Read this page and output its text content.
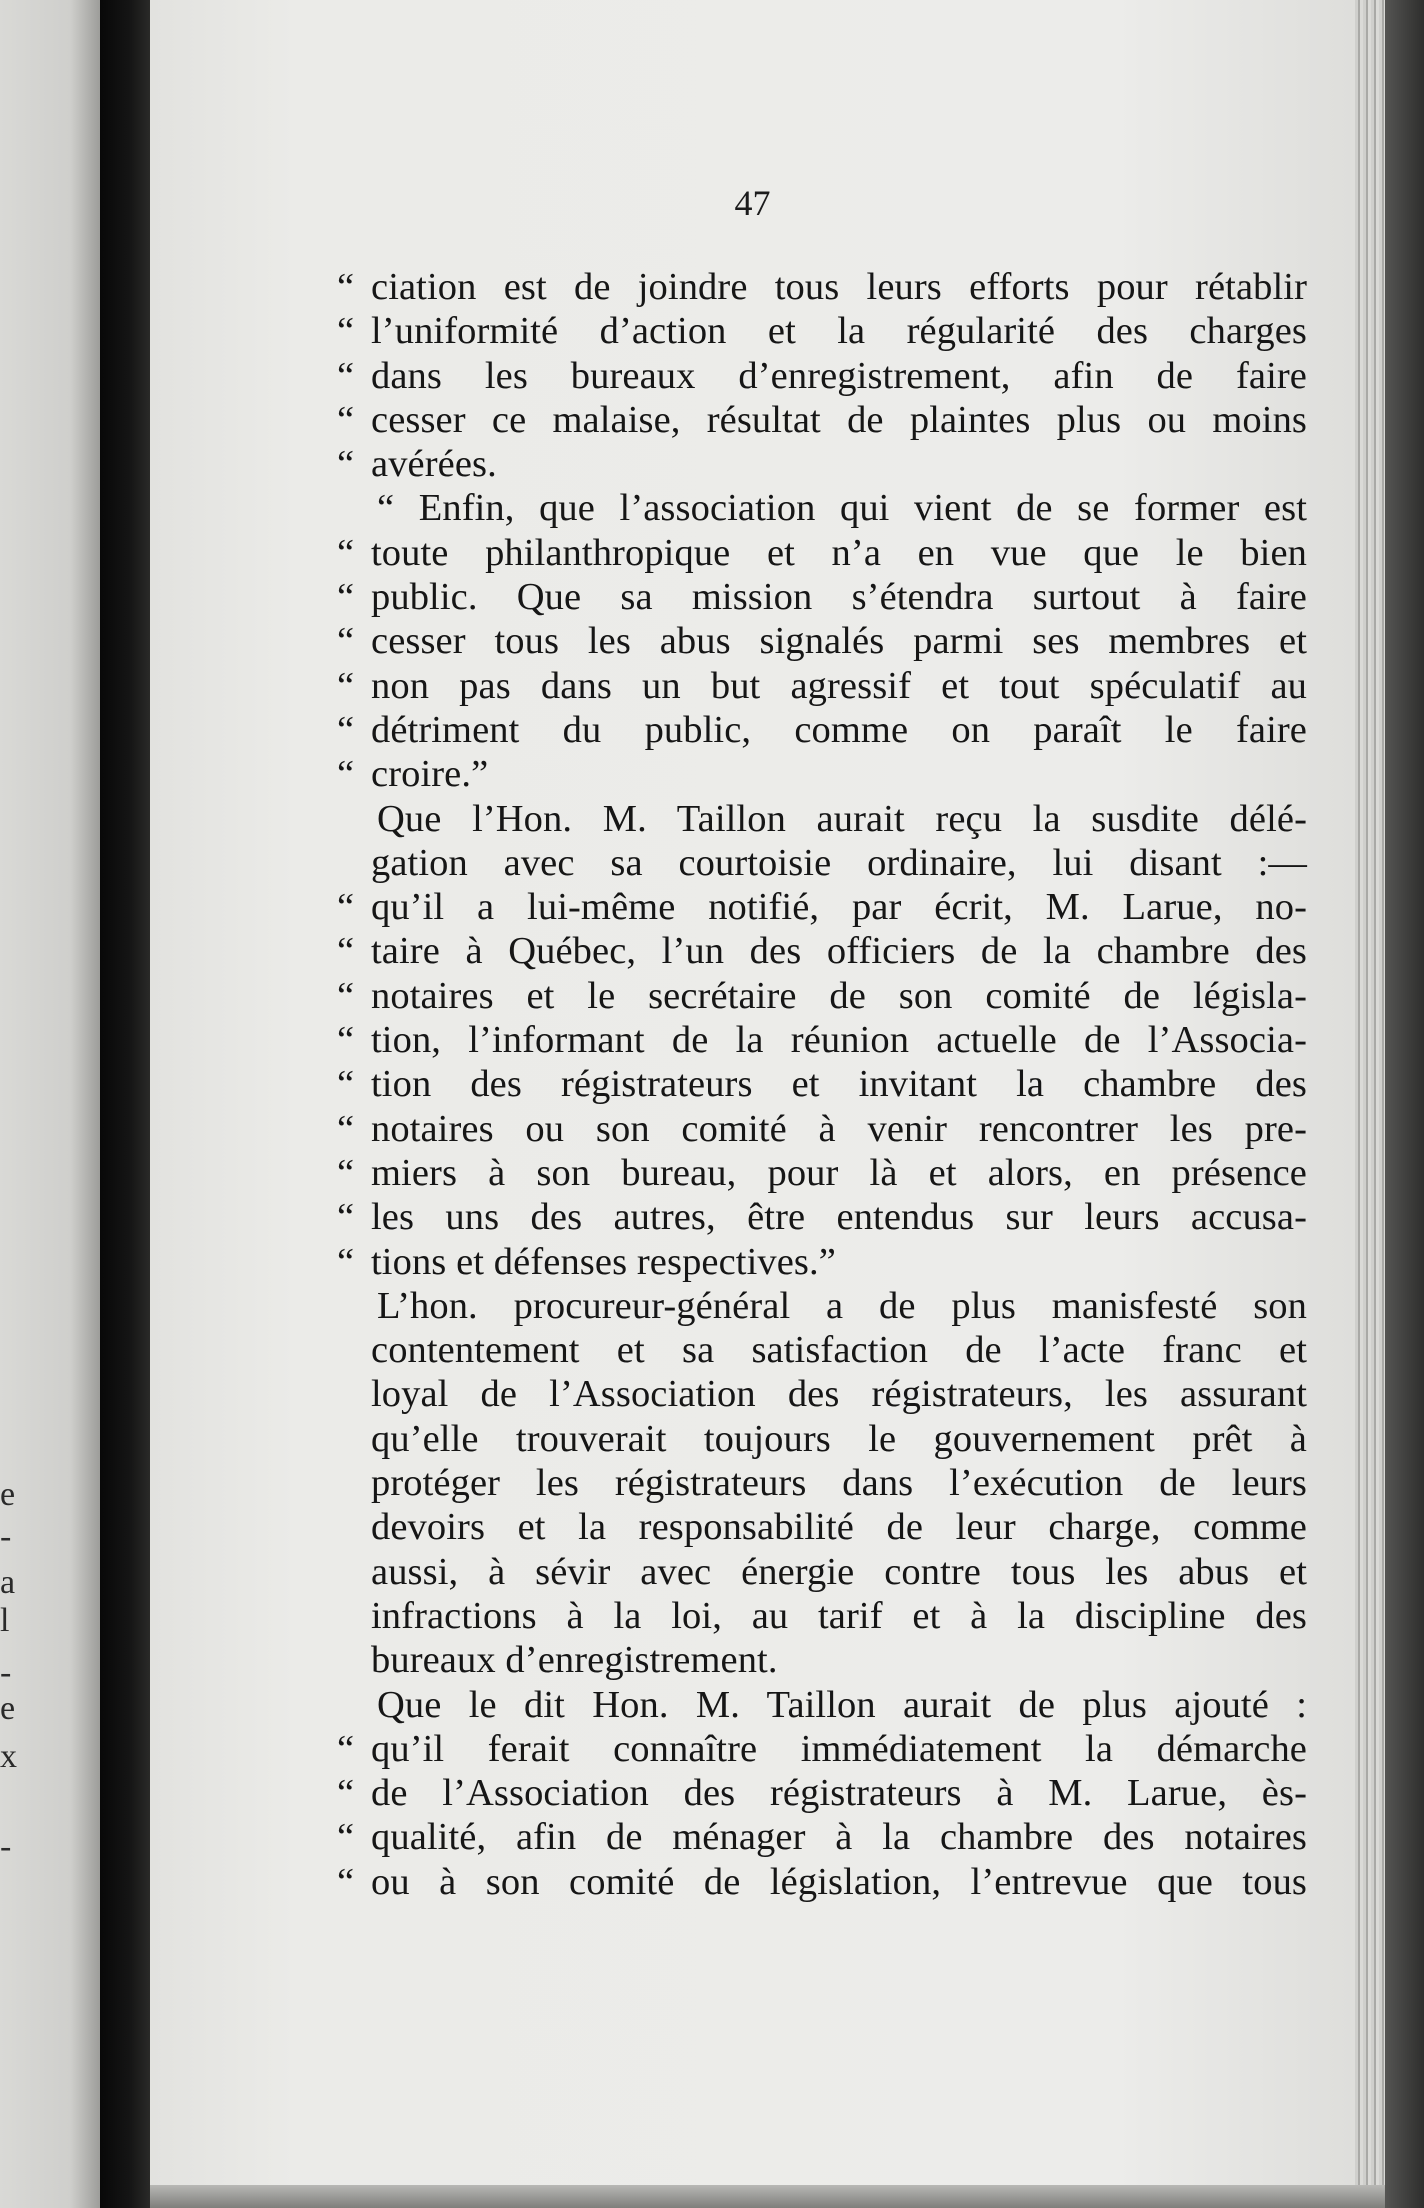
e
-
a
l
-
e
x
-
47
“ ciation est de joindre tous leurs efforts pour rétablir
“ l’uniformité d’action et la régularité des charges
“ dans les bureaux d’enregistrement, afin de faire
“ cesser ce malaise, résultat de plaintes plus ou moins
“ avérées.
“ Enfin, que l’association qui vient de se former est
“ toute philanthropique et n’a en vue que le bien
“ public. Que sa mission s’étendra surtout à faire
“ cesser tous les abus signalés parmi ses membres et
“ non pas dans un but agressif et tout spéculatif au
“ détriment du public, comme on paraît le faire
“ croire.”
Que l’Hon. M. Taillon aurait reçu la susdite délé-
gation avec sa courtoisie ordinaire, lui disant :—
“ qu’il a lui-même notifié, par écrit, M. Larue, no-
“ taire à Québec, l’un des officiers de la chambre des
“ notaires et le secrétaire de son comité de législa-
“ tion, l’informant de la réunion actuelle de l’Associa-
“ tion des régistrateurs et invitant la chambre des
“ notaires ou son comité à venir rencontrer les pre-
“ miers à son bureau, pour là et alors, en présence
“ les uns des autres, être entendus sur leurs accusa-
“ tions et défenses respectives.”
L’hon. procureur-général a de plus manisfesté son
contentement et sa satisfaction de l’acte franc et
loyal de l’Association des régistrateurs, les assurant
qu’elle trouverait toujours le gouvernement prêt à
protéger les régistrateurs dans l’exécution de leurs
devoirs et la responsabilité de leur charge, comme
aussi, à sévir avec énergie contre tous les abus et
infractions à la loi, au tarif et à la discipline des
bureaux d’enregistrement.
Que le dit Hon. M. Taillon aurait de plus ajouté :
“ qu’il ferait connaître immédiatement la démarche
“ de l’Association des régistrateurs à M. Larue, ès-
“ qualité, afin de ménager à la chambre des notaires
“ ou à son comité de législation, l’entrevue que tous
